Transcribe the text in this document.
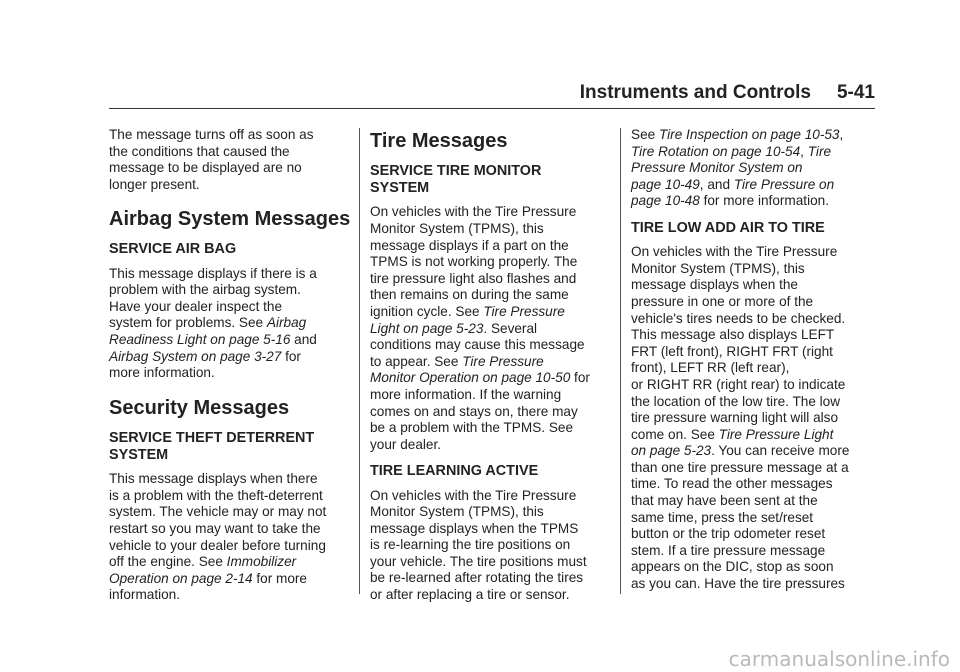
Instruments and Controls 5-41

The message turns off as soon as
the conditions that caused the
message to be displayed are no
longer present.

Airbag System Messages
SERVICE AIR BAG

This message displays if there is a
problem with the airbag system.
Have your dealer inspect the
system for problems. See Airbag
Readiness Light on page 5-16 and
Airbag System on page 3-27 for
more information.

Security Messages
SERVICE THEFT DETERRENT
SYSTEM

This message displays when there
is a problem with the theft-deterrent
system. The vehicle may or may not
restart so you may want to take the
vehicle to your dealer before turning
off the engine. See Immobilizer
Operation on page 2-14 for more
information.

Tire Messages
SERVICE TIRE MONITOR
SYSTEM

On vehicles with the Tire Pressure
Monitor System (TPMS), this
message displays if a part on the
TPMS is not working properly. The
tire pressure light also flashes and
then remains on during the same
ignition cycle. See Tire Pressure
Light on page 5-23. Several
conditions may cause this message
to appear. See Tire Pressure
Monitor Operation on page 10-50 for
more information. If the warning
comes on and stays on, there may
be a problem with the TPMS. See
your dealer.

TIRE LEARNING ACTIVE

On vehicles with the Tire Pressure
Monitor System (TPMS), this
message displays when the TPMS
is re-learning the tire positions on
your vehicle. The tire positions must
be re-learned after rotating the tires
or after replacing a tire or sensor.

See Tire Inspection on page 10-53,
Tire Rotation on page 10-54, Tire
Pressure Monitor System on
page 10-49, and Tire Pressure on
page 10-48 for more information.

TIRE LOW ADD AIR TO TIRE

On vehicles with the Tire Pressure
Monitor System (TPMS), this
message displays when the
pressure in one or more of the
vehicle's tires needs to be checked.
This message also displays LEFT
FRT (left front), RIGHT FRT (right
front), LEFT RR (left rear),
or RIGHT RR (right rear) to indicate
the location of the low tire. The low
tire pressure warning light will also
come on. See Tire Pressure Light
on page 5-23. You can receive more
than one tire pressure message at a
time. To read the other messages
that may have been sent at the
same time, press the set/reset
button or the trip odometer reset
stem. If a tire pressure message
appears on the DIC, stop as soon
as you can. Have the tire pressures

carmanualsonline.info
